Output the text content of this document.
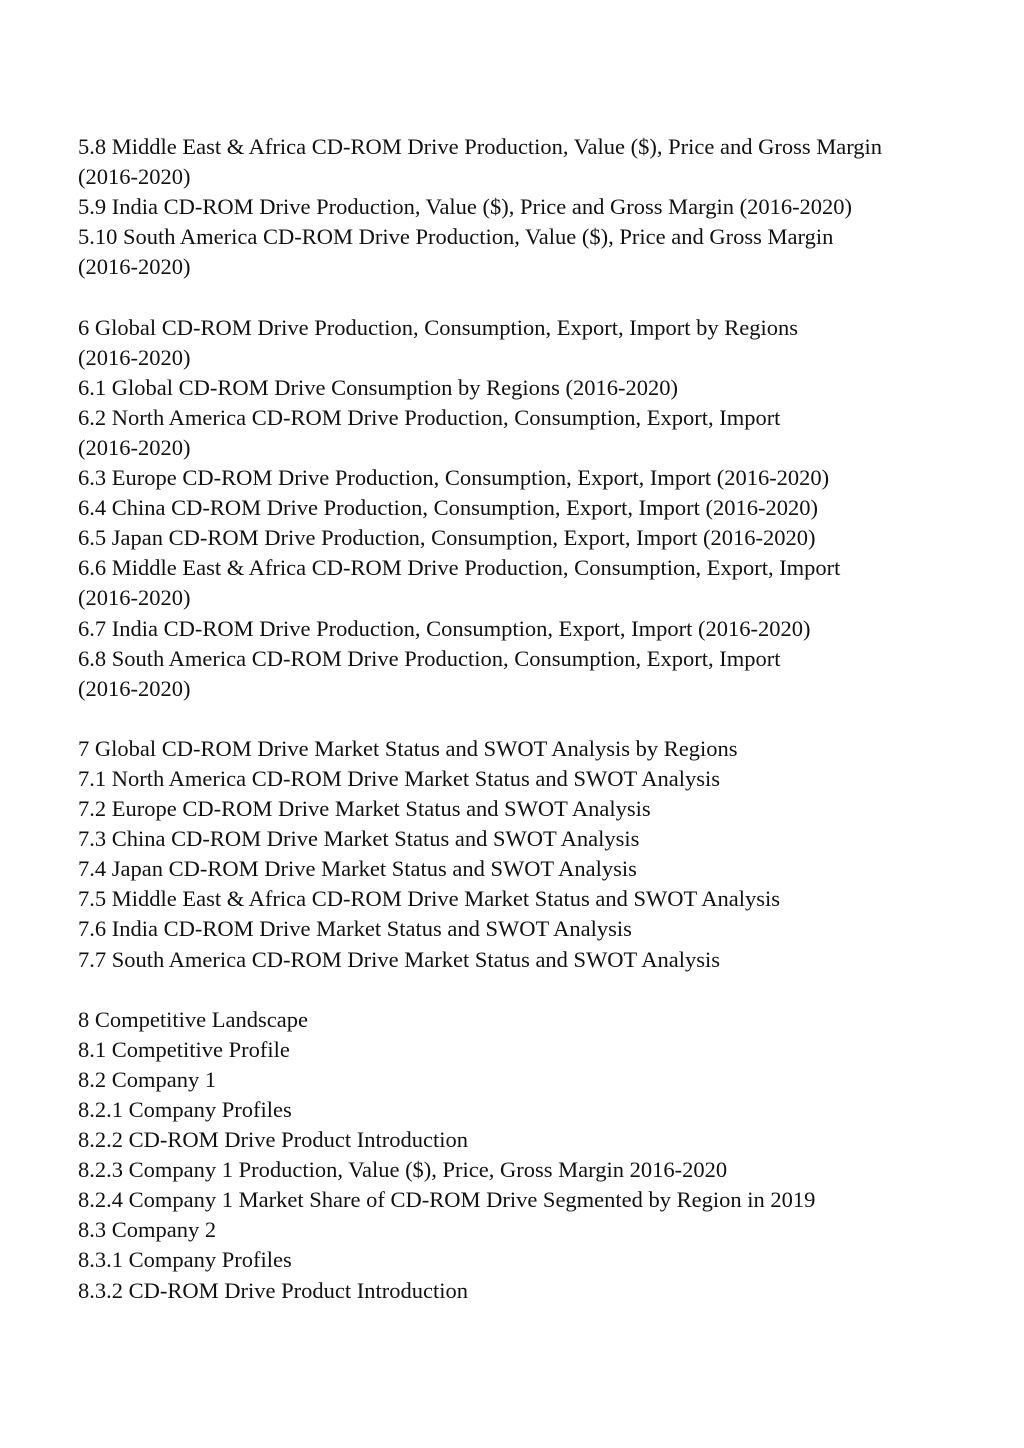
5.8 Middle East & Africa CD-ROM Drive Production, Value ($), Price and Gross Margin
(2016-2020)
5.9 India CD-ROM Drive Production, Value ($), Price and Gross Margin (2016-2020)
5.10 South America CD-ROM Drive Production, Value ($), Price and Gross Margin
(2016-2020)
6 Global CD-ROM Drive Production, Consumption, Export, Import by Regions
(2016-2020)
6.1 Global CD-ROM Drive Consumption by Regions (2016-2020)
6.2 North America CD-ROM Drive Production, Consumption, Export, Import
(2016-2020)
6.3 Europe CD-ROM Drive Production, Consumption, Export, Import (2016-2020)
6.4 China CD-ROM Drive Production, Consumption, Export, Import (2016-2020)
6.5 Japan CD-ROM Drive Production, Consumption, Export, Import (2016-2020)
6.6 Middle East & Africa CD-ROM Drive Production, Consumption, Export, Import
(2016-2020)
6.7 India CD-ROM Drive Production, Consumption, Export, Import (2016-2020)
6.8 South America CD-ROM Drive Production, Consumption, Export, Import
(2016-2020)
7 Global CD-ROM Drive Market Status and SWOT Analysis by Regions
7.1 North America CD-ROM Drive Market Status and SWOT Analysis
7.2 Europe CD-ROM Drive Market Status and SWOT Analysis
7.3 China CD-ROM Drive Market Status and SWOT Analysis
7.4 Japan CD-ROM Drive Market Status and SWOT Analysis
7.5 Middle East & Africa CD-ROM Drive Market Status and SWOT Analysis
7.6 India CD-ROM Drive Market Status and SWOT Analysis
7.7 South America CD-ROM Drive Market Status and SWOT Analysis
8 Competitive Landscape
8.1 Competitive Profile
8.2 Company 1
8.2.1 Company Profiles
8.2.2 CD-ROM Drive Product Introduction
8.2.3 Company 1 Production, Value ($), Price, Gross Margin 2016-2020
8.2.4 Company 1 Market Share of CD-ROM Drive Segmented by Region in 2019
8.3 Company 2
8.3.1 Company Profiles
8.3.2 CD-ROM Drive Product Introduction
